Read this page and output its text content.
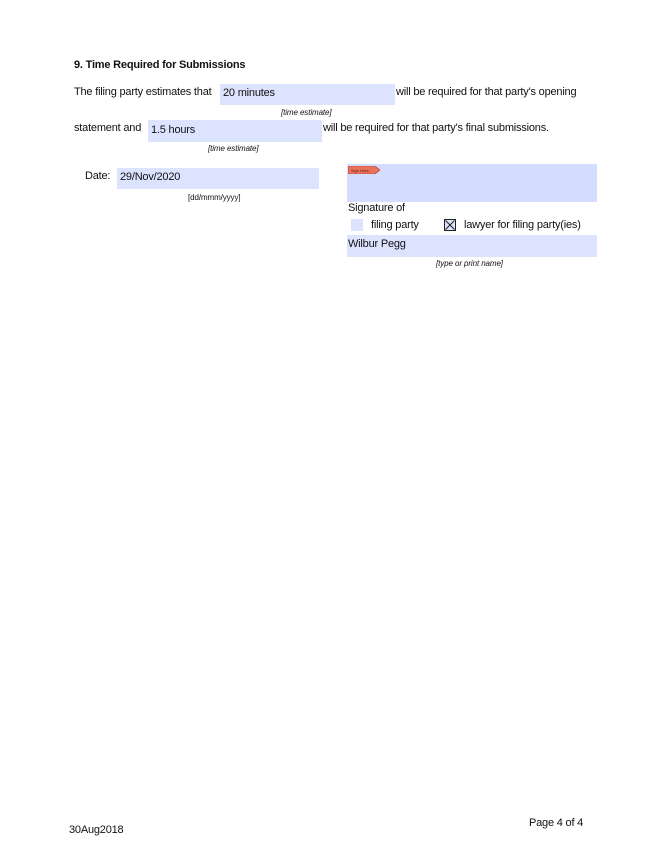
9. Time Required for Submissions
The filing party estimates that 20 minutes	will be required for that party's opening
[time estimate]
statement and 1.5 hours	will be required for that party's final submissions.
[time estimate]
Date: 29/Nov/2020
[dd/mmm/yyyy]
Sign Here
Signature of
filing party	lawyer for filing party(ies)
Wilbur Pegg
[type or print name]
30Aug2018
Page 4 of 4
